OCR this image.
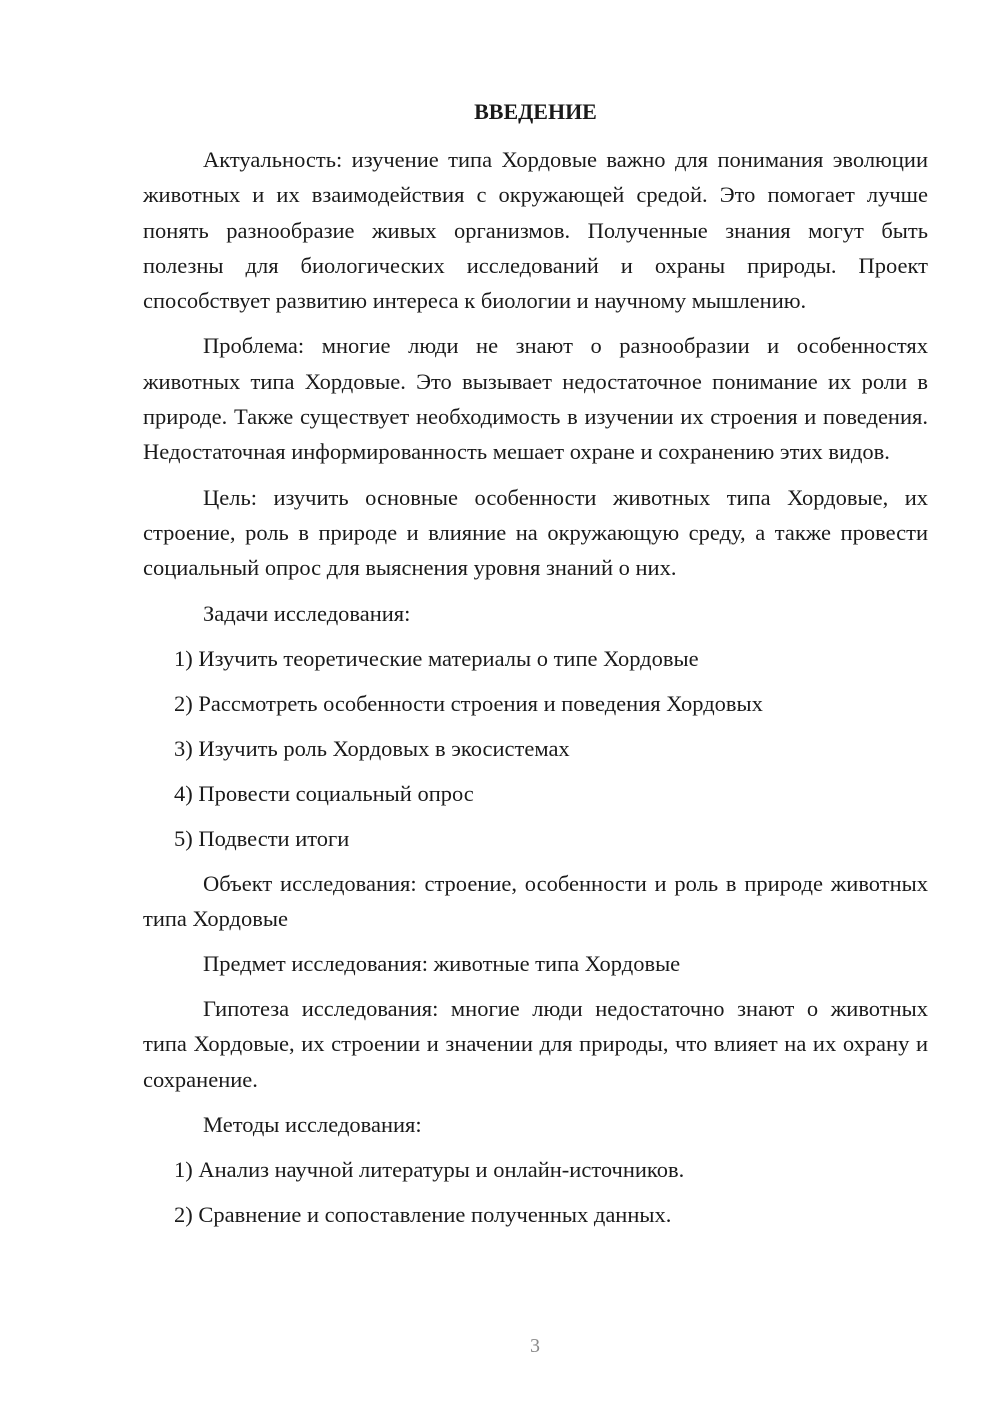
ВВЕДЕНИЕ

Актуальность: изучение типа Хордовые важно для понимания эволюции животных и их взаимодействия с окружающей средой. Это помогает лучше понять разнообразие живых организмов. Полученные знания могут быть полезны для биологических исследований и охраны природы. Проект способствует развитию интереса к биологии и научному мышлению.

Проблема: многие люди не знают о разнообразии и особенностях животных типа Хордовые. Это вызывает недостаточное понимание их роли в природе. Также существует необходимость в изучении их строения и поведения. Недостаточная информированность мешает охране и сохранению этих видов.

Цель: изучить основные особенности животных типа Хордовые, их строение, роль в природе и влияние на окружающую среду, а также провести социальный опрос для выяснения уровня знаний о них.

Задачи исследования:
1) Изучить теоретические материалы о типе Хордовые
2) Рассмотреть особенности строения и поведения Хордовых
3) Изучить роль Хордовых в экосистемах
4) Провести социальный опрос
5) Подвести итоги

Объект исследования: строение, особенности и роль в природе животных типа Хордовые

Предмет исследования: животные типа Хордовые

Гипотеза исследования: многие люди недостаточно знают о животных типа Хордовые, их строении и значении для природы, что влияет на их охрану и сохранение.

Методы исследования:
1) Анализ научной литературы и онлайн-источников.
2) Сравнение и сопоставление полученных данных.
3
